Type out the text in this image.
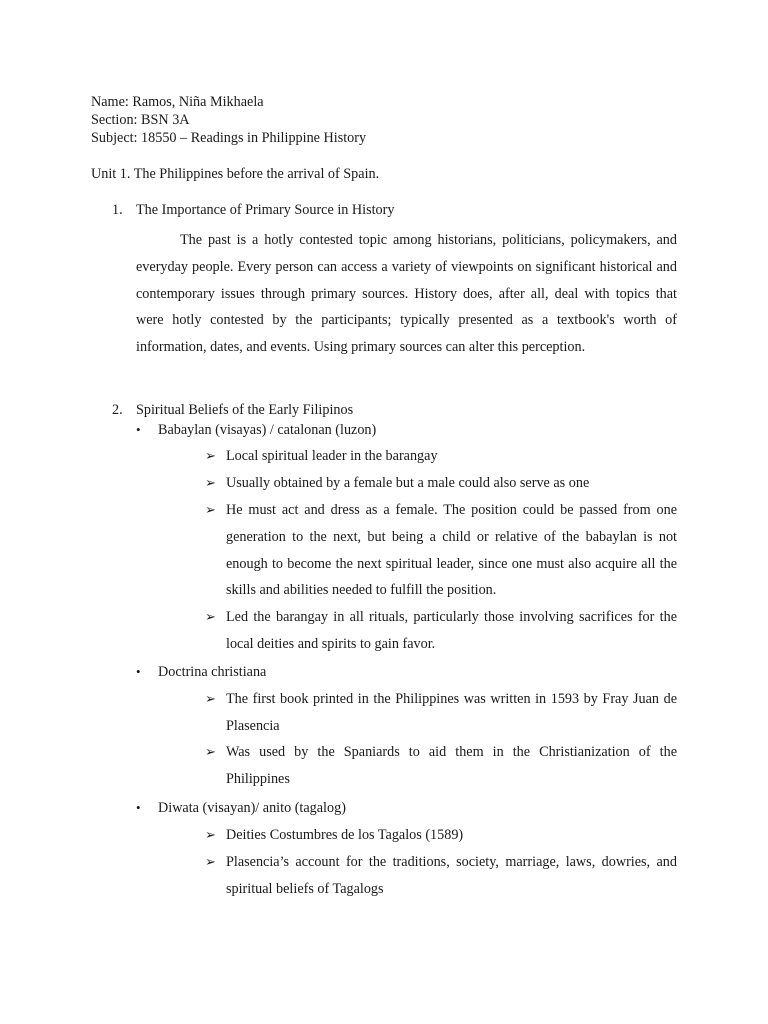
Name: Ramos, Niña Mikhaela
Section: BSN 3A
Subject: 18550 – Readings in Philippine History
Unit 1. The Philippines before the arrival of Spain.
1. The Importance of Primary Source in History
The past is a hotly contested topic among historians, politicians, policymakers, and everyday people. Every person can access a variety of viewpoints on significant historical and contemporary issues through primary sources. History does, after all, deal with topics that were hotly contested by the participants; typically presented as a textbook's worth of information, dates, and events. Using primary sources can alter this perception.
2. Spiritual Beliefs of the Early Filipinos
•	Babaylan (visayas) / catalonan (luzon)
➢ Local spiritual leader in the barangay
➢ Usually obtained by a female but a male could also serve as one
➢ He must act and dress as a female. The position could be passed from one generation to the next, but being a child or relative of the babaylan is not enough to become the next spiritual leader, since one must also acquire all the skills and abilities needed to fulfill the position.
➢ Led the barangay in all rituals, particularly those involving sacrifices for the local deities and spirits to gain favor.
•	Doctrina christiana
➢ The first book printed in the Philippines was written in 1593 by Fray Juan de Plasencia
➢ Was used by the Spaniards to aid them in the Christianization of the Philippines
•	Diwata (visayan)/ anito (tagalog)
➢ Deities Costumbres de los Tagalos (1589)
➢ Plasencia’s account for the traditions, society, marriage, laws, dowries, and spiritual beliefs of Tagalogs
